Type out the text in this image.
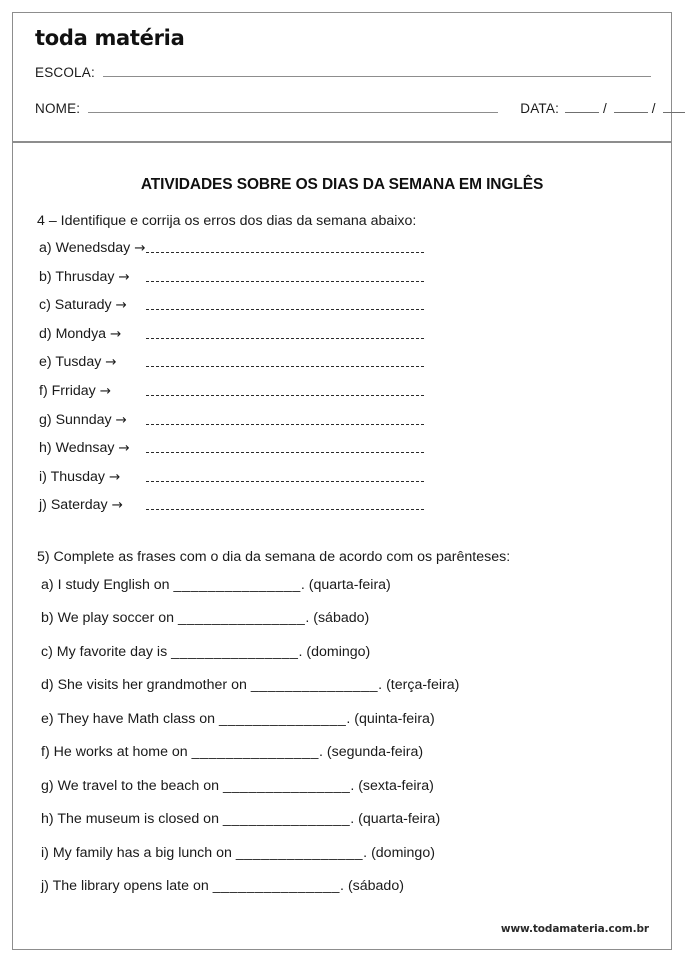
toda matéria
ESCOLA:
NOME:	DATA:	/	/
ATIVIDADES SOBRE OS DIAS DA SEMANA EM INGLÊS

4 – Identifique e corrija os erros dos dias da semana abaixo:

a) Wenedsday →
b) Thrusday →
c) Saturady →
d) Mondya →
e) Tusday →
f) Frriday →
g) Sunnday →
h) Wednsay →
i) Thusday →
j) Saterday →

5) Complete as frases com o dia da semana de acordo com os parênteses:

a) I study English on _______________. (quarta-feira)
b) We play soccer on _______________. (sábado)
c) My favorite day is _______________. (domingo)
d) She visits her grandmother on _______________. (terça-feira)
e) They have Math class on _______________. (quinta-feira)
f) He works at home on _______________. (segunda-feira)
g) We travel to the beach on _______________. (sexta-feira)
h) The museum is closed on _______________. (quarta-feira)
i) My family has a big lunch on _______________. (domingo)
j) The library opens late on _______________. (sábado)
www.todamateria.com.br
